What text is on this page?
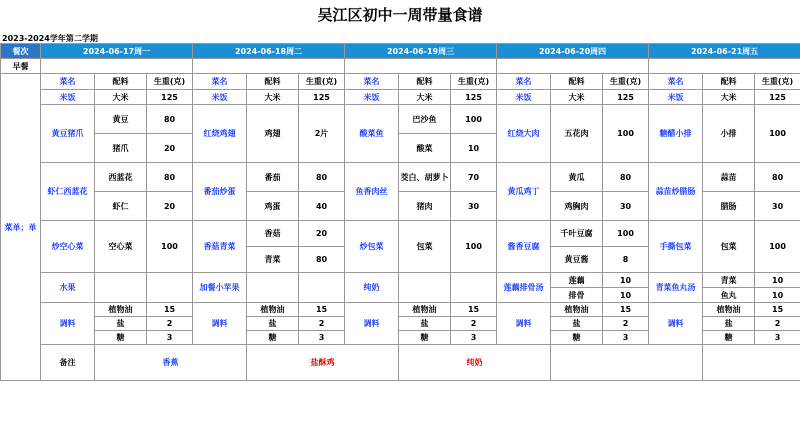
吴江区初中一周带量食谱
2023-2024学年第二学期
餐次	2024-06-17周一			2024-06-18周二			2024-06-19周三			2024-06-20周四			2024-06-21周五		
早餐															
菜单；单	菜名	配料	生重(克)	菜名	配料	生重(克)	菜名	配料	生重(克)	菜名	配料	生重(克)	菜名	配料	生重(克)
	米饭	大米	125	米饭	大米	125	米饭	大米	125	米饭	大米	125	米饭	大米	125
	黄豆猪爪	黄豆	80	红烧鸡翅	鸡翅	2片	酸菜鱼	巴沙鱼	100	红烧大肉	五花肉	100	糖醋小排	小排	100
		猪爪	20					酸菜	10						
	虾仁西蓝花	西蓝花	80	番茄炒蛋	番茄	80	鱼香肉丝	茭白、胡萝卜	70	黄瓜鸡丁	黄瓜	80	蒜苗炒腊肠	蒜苗	80
		虾仁	20		鸡蛋	40		猪肉	30		鸡胸肉	30		腊肠	30
	炒空心菜	空心菜	100	香菇青菜	香菇	20	炒包菜	包菜	100	酱香豆腐	千叶豆腐	100	手撕包菜	包菜	100
					青菜	80					黄豆酱	8			
	水果			加餐小苹果			纯奶			莲藕排骨汤	莲藕	10	青菜鱼丸汤	青菜	10
											排骨	10		鱼丸	10
	调料	植物油	15	调料	植物油	15	调料	植物油	15	调料	植物油	15	调料	植物油	15
		盐	2		盐	2		盐	2		盐	2		盐	2
		糖	3		糖	3		糖	3		糖	3		糖	3
	备注	香蕉			盐酥鸡			纯奶							
